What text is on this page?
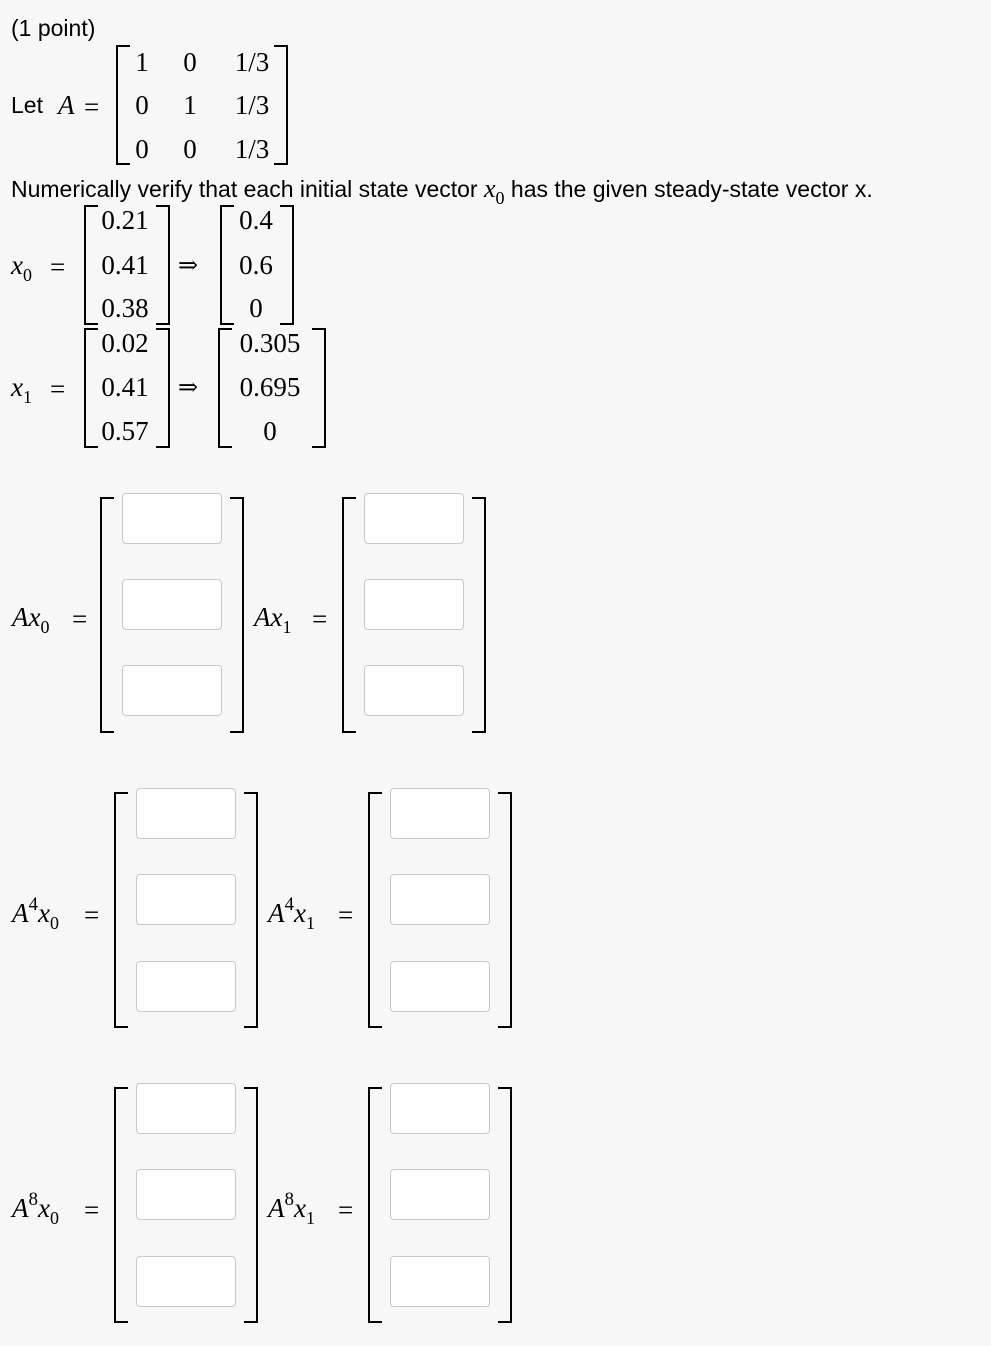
(1 point)
Let A =
1 0	1/3
0 1	1/3
0 0	1/3
Numerically verify that each initial state vector $x_0$ has the given steady-state vector x.
$x_0$ =
0.21
0.41
0.38
⇒
0.4
0.6
0
$x_1$ =
0.02
0.41
0.57
⇒
0.305
0.695
0
$Ax_0$ =	$Ax_1$ =
$A^4x_0$ =	$A^4x_1$ =
$A^8x_0$ =	$A^8x_1$ =
